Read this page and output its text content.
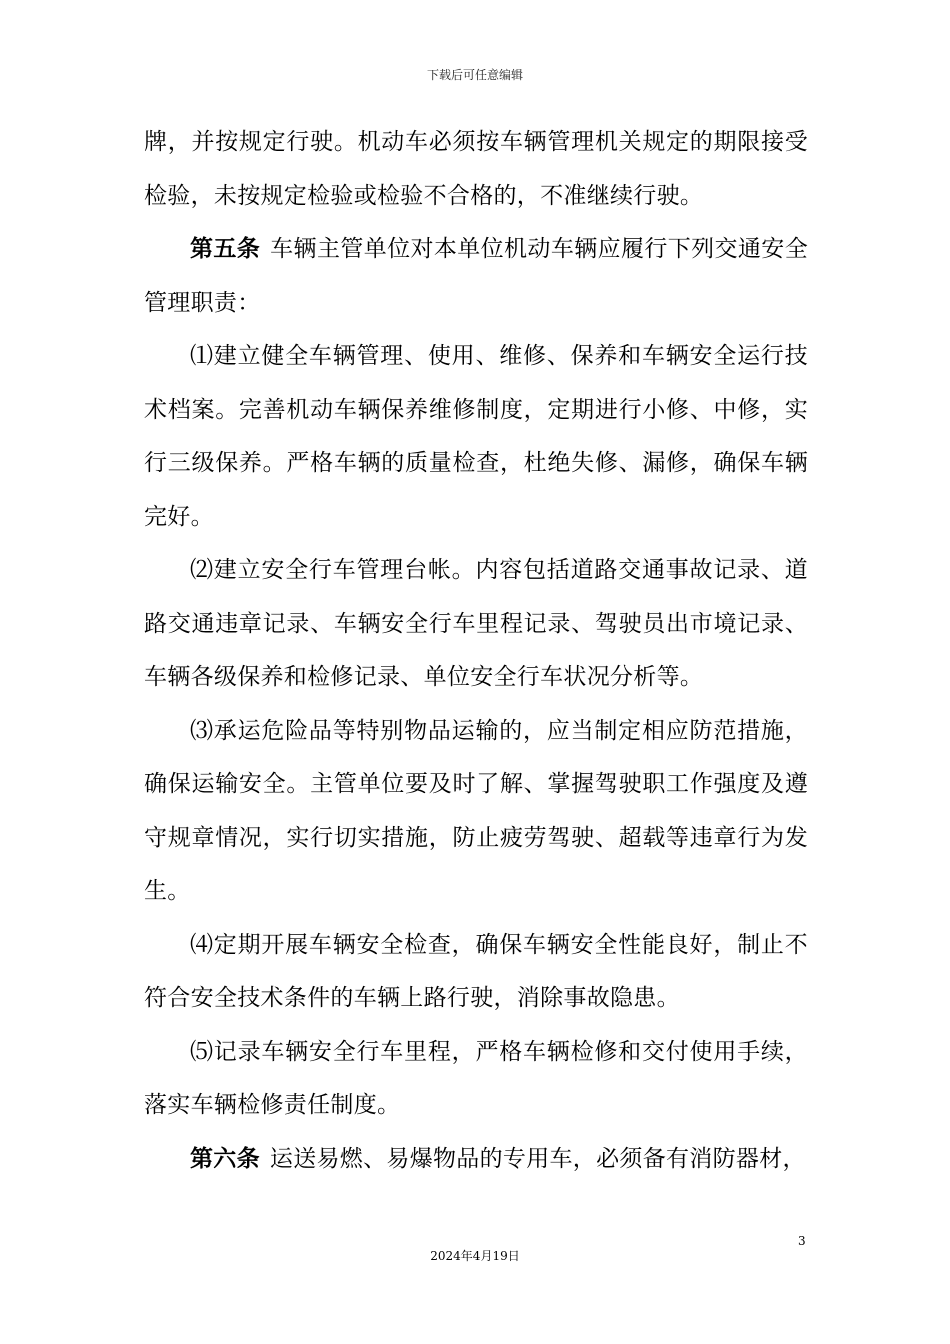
下载后可任意编辑

牌，并按规定行驶。机动车必须按车辆管理机关规定的期限接受检验，未按规定检验或检验不合格的，不准继续行驶。

第五条 车辆主管单位对本单位机动车辆应履行下列交通安全管理职责：

⑴建立健全车辆管理、使用、维修、保养和车辆安全运行技术档案。完善机动车辆保养维修制度，定期进行小修、中修，实行三级保养。严格车辆的质量检查，杜绝失修、漏修，确保车辆完好。

⑵建立安全行车管理台帐。内容包括道路交通事故记录、道路交通违章记录、车辆安全行车里程记录、驾驶员出市境记录、车辆各级保养和检修记录、单位安全行车状况分析等。

⑶承运危险品等特别物品运输的，应当制定相应防范措施，确保运输安全。主管单位要及时了解、掌握驾驶职工作强度及遵守规章情况，实行切实措施，防止疲劳驾驶、超载等违章行为发生。

⑷定期开展车辆安全检查，确保车辆安全性能良好，制止不符合安全技术条件的车辆上路行驶，消除事故隐患。

⑸记录车辆安全行车里程，严格车辆检修和交付使用手续，落实车辆检修责任制度。

第六条 运送易燃、易爆物品的专用车，必须备有消防器材，

3
2024年4月19日
